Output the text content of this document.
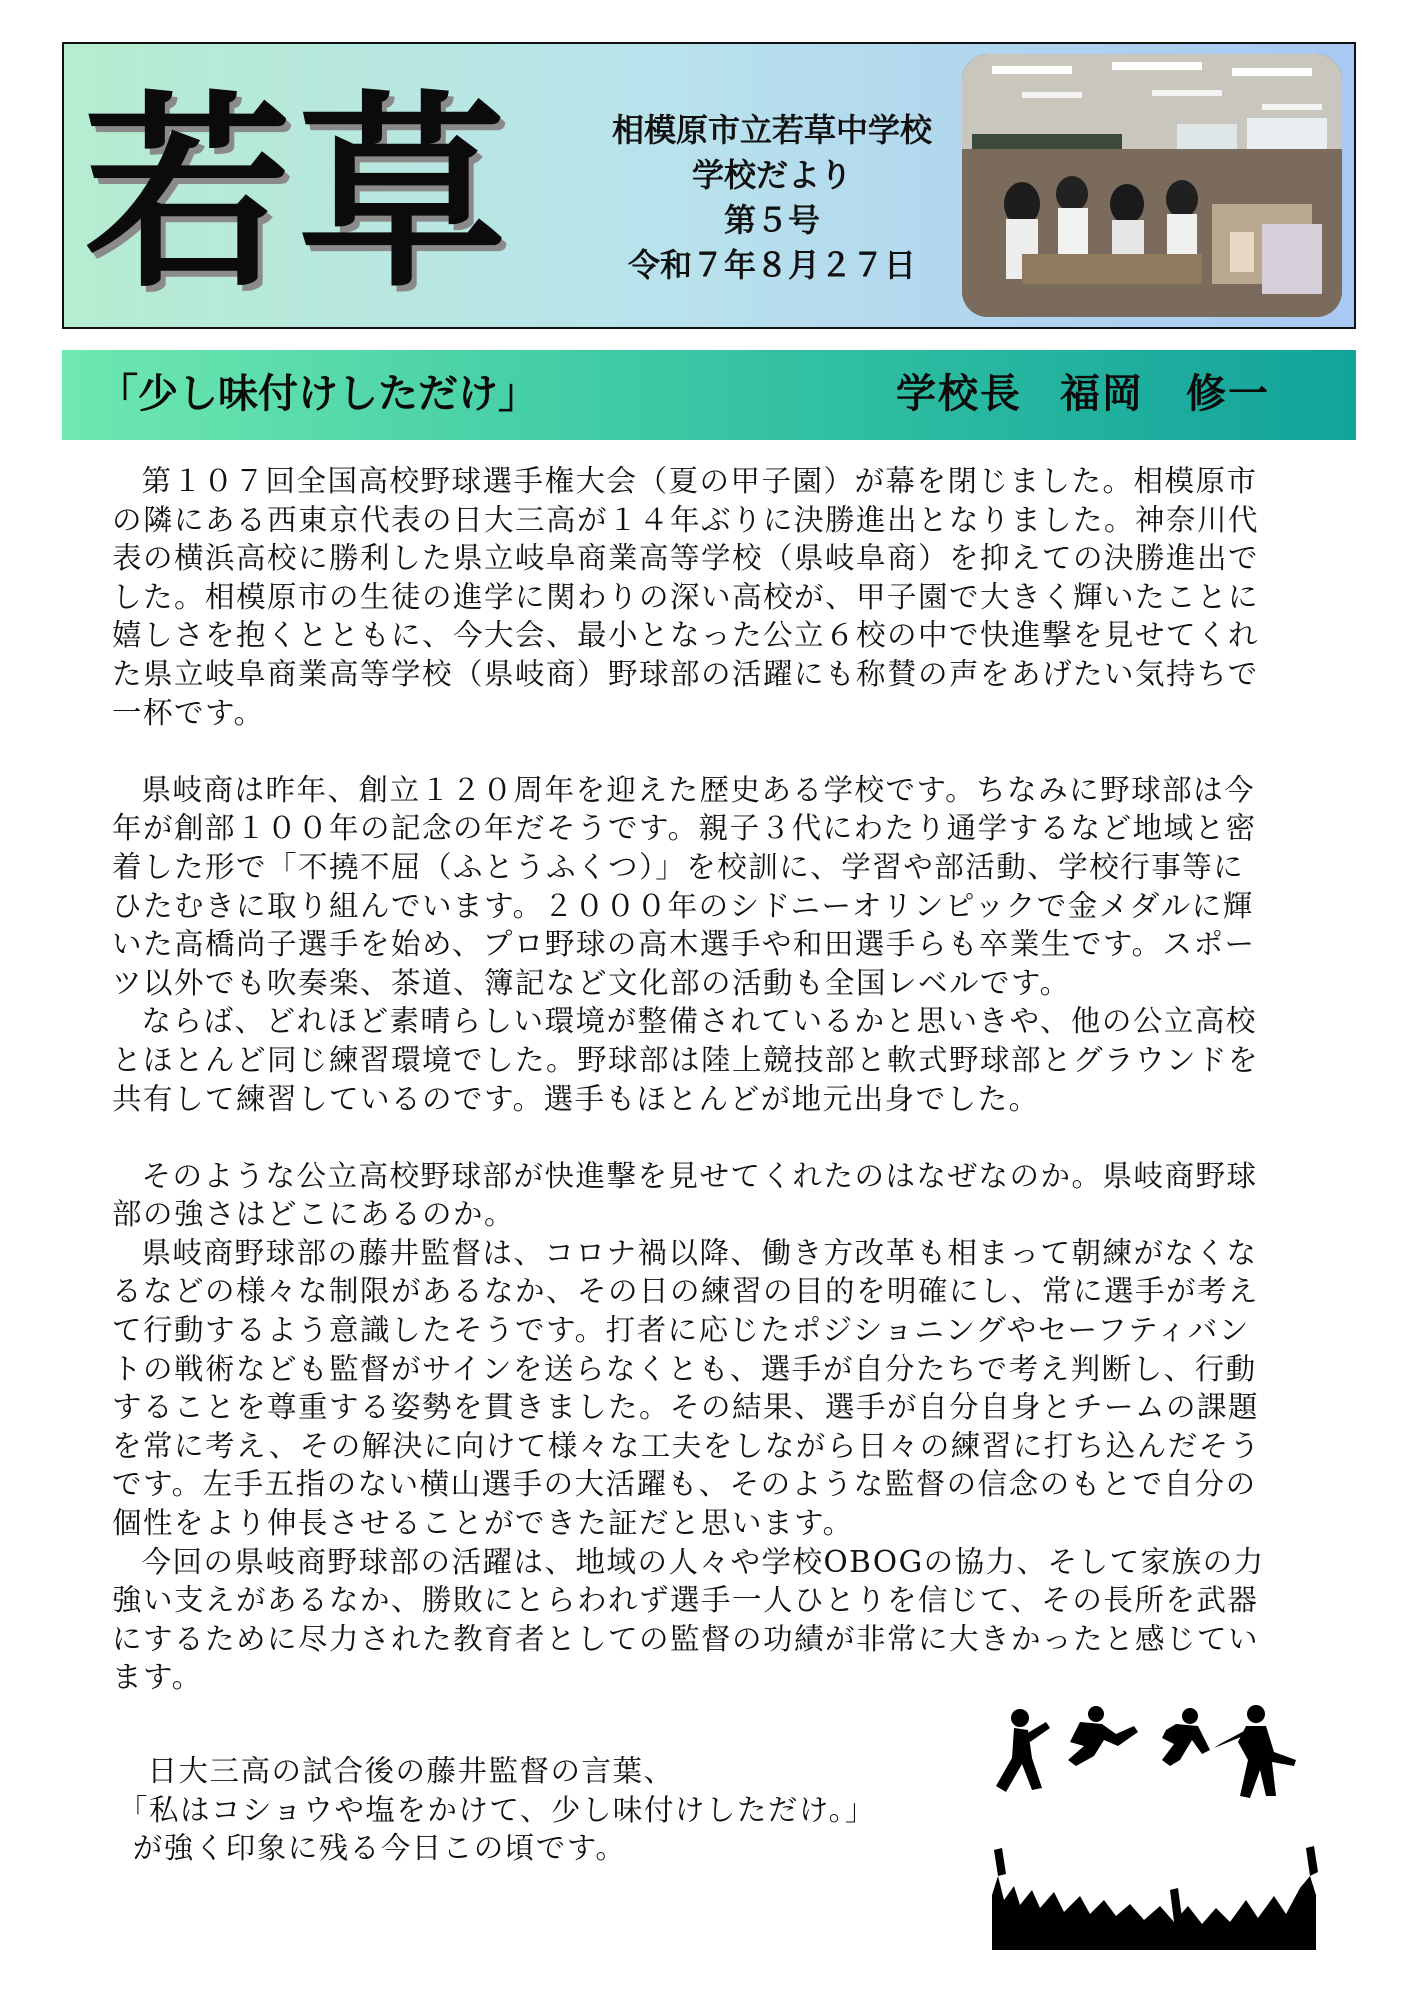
若草	相模原市立若草中学校
学校だより
第５号
令和７年８月２７日
「少し味付けしただけ」	学校長 福岡　修一
第１０７回全国高校野球選手権大会（夏の甲子園）が幕を閉じました。相模原市の隣にある西東京代表の日大三高が１４年ぶりに決勝進出となりました。神奈川代表の横浜高校に勝利した県立岐阜商業高等学校（県岐阜商）を抑えての決勝進出でした。相模原市の生徒の進学に関わりの深い高校が、甲子園で大きく輝いたことに嬉しさを抱くとともに、今大会、最小となった公立６校の中で快進撃を見せてくれた県立岐阜商業高等学校（県岐商）野球部の活躍にも称賛の声をあげたい気持ちで一杯です。
県岐商は昨年、創立１２０周年を迎えた歴史ある学校です。ちなみに野球部は今年が創部１００年の記念の年だそうです。親子３代にわたり通学するなど地域と密着した形で「不撓不屈（ふとうふくつ）」を校訓に、学習や部活動、学校行事等にひたむきに取り組んでいます。２０００年のシドニーオリンピックで金メダルに輝いた高橋尚子選手を始め、プロ野球の高木選手や和田選手らも卒業生です。スポーツ以外でも吹奏楽、茶道、簿記など文化部の活動も全国レベルです。
ならば、どれほど素晴らしい環境が整備されているかと思いきや、他の公立高校とほとんど同じ練習環境でした。野球部は陸上競技部と軟式野球部とグラウンドを共有して練習しているのです。選手もほとんどが地元出身でした。
そのような公立高校野球部が快進撃を見せてくれたのはなぜなのか。県岐商野球部の強さはどこにあるのか。
県岐商野球部の藤井監督は、コロナ禍以降、働き方改革も相まって朝練がなくなるなどの様々な制限があるなか、その日の練習の目的を明確にし、常に選手が考えて行動するよう意識したそうです。打者に応じたポジショニングやセーフティバントの戦術なども監督がサインを送らなくとも、選手が自分たちで考え判断し、行動することを尊重する姿勢を貫きました。その結果、選手が自分自身とチームの課題を常に考え、その解決に向けて様々な工夫をしながら日々の練習に打ち込んだそうです。左手五指のない横山選手の大活躍も、そのような監督の信念のもとで自分の個性をより伸長させることができた証だと思います。
今回の県岐商野球部の活躍は、地域の人々や学校OBOGの協力、そして家族の力強い支えがあるなか、勝敗にとらわれず選手一人ひとりを信じて、その長所を武器にするために尽力された教育者としての監督の功績が非常に大きかったと感じています。
日大三高の試合後の藤井監督の言葉、
「私はコショウや塩をかけて、少し味付けしただけ。」
が強く印象に残る今日この頃です。
